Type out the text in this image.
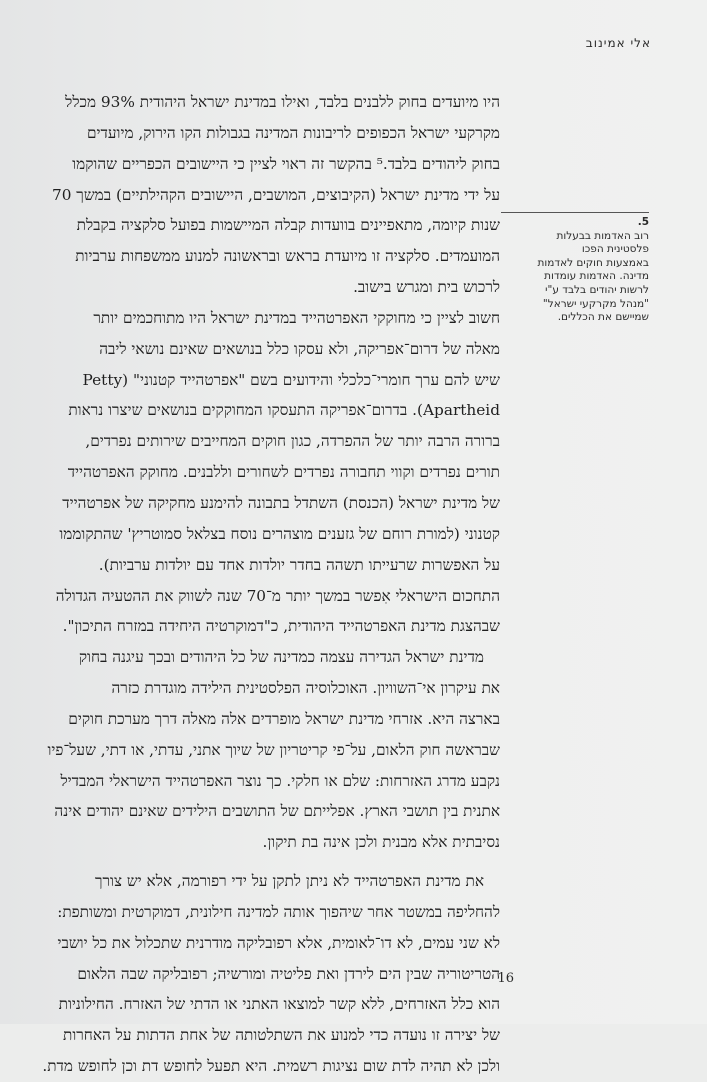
אלי אמינוב

היו מיועדים בחוק ללבנים בלבד, ואילו במדינת ישראל היהודית 93% מכלל
מקרקעי ישראל הכפופים לריבונות המדינה בגבולות הקו הירוק, מיועדים
בחוק ליהודים בלבד.⁵ בהקשר זה ראוי לציין כי היישובים הכפריים שהוקמו
על ידי מדינת ישראל (הקיבוצים, המושבים, היישובים הקהילתיים) במשך 70
שנות קיומה, מתאפיינים בוועדות קבלה המיישמות בפועל סלקציה בקבלת
המועמדים. סלקציה זו מיועדת בראש ובראשונה למנוע ממשפחות ערביות
לרכוש בית ומגרש בישוב.

חשוב לציין כי מחוקקי האפרטהייד במדינת ישראל היו מתוחכמים יותר
מאלה של דרום־אפריקה, ולא עסקו כלל בנושאים שאינם נושאי ליבה
שיש להם ערך חומרי־כלכלי והידועים בשם "אפרטהייד קטנוני" (Petty
Apartheid). בדרום־אפריקה התעסקו המחוקקים בנושאים שיצרו נראות
ברורה הרבה יותר של ההפרדה, כגון חוקים המחייבים שירותים נפרדים,
תורים נפרדים וקווי תחבורה נפרדים לשחורים וללבנים. מחוקק האפרטהייד
של מדינת ישראל (הכנסת) השתדל בתבונה להימנע מחקיקה של אפרטהייד
קטנוני (למורת רוחם של גזענים מוצהרים נוסח בצלאל סמוטריץ' שהתקוממו
על האפשרות שרעייתו תשהה בחדר יולדות אחד עם יולדות ערביות).
התחכום הישראלי אִפשר במשך יותר מ־70 שנה לשווק את ההטעיה הגדולה
שבהצגת מדינת האפרטהייד היהודית, כ"דמוקרטיה היחידה במזרח התיכון".

מדינת ישראל הגדירה עצמה כמדינה של כל היהודים ובכך עיגנה בחוק
את עיקרון אי־השוויון. האוכלוסיה הפלסטינית הילידה מוגדרת כזרה
בארצה היא. אזרחי מדינת ישראל מופרדים אלה מאלה דרך מערכת חוקים
שבראשה חוק הלאום, על־פי קריטריון של שיוך אתני, עדתי, או דתי, שעל־פיו
נקבע מדרג האזרחות: שלם או חלקי. כך נוצר האפרטהייד הישראלי המבדיל
אתנית בין תושבי הארץ. אפלייתם של התושבים הילידים שאינם יהודים אינה
נסיבתית אלא מבנית ולכן אינה בת תיקון.

את מדינת האפרטהייד לא ניתן לתקן על ידי רפורמה, אלא יש צורך
להחליפה במשטר אחר שיהפוך אותה למדינה חילונית, דמוקרטית ומשותפת:
לא שני עמים, לא דו־לאומית, אלא רפובליקה מודרנית שתכלול את כל יושבי
הטריטוריה שבין הים לירדן ואת פליטיה ומורשיה; רפובליקה שבה הלאום
הוא כלל האזרחים, ללא קשר למוצאו האתני או הדתי של האזרח. החילוניות
של יצירה זו נועדה כדי למנוע את השתלטותה של אחת הדתות על האחרות
ולכן לא תהיה לדת שום נציגות רשמית. היא תפעל לחופש דת וכן לחופש מדת.

5.
רוב האדמות בבעלות
פלסטינית הפכו
באמצעות חוקים לאדמות
מדינה. האדמות עומדות
לרשות יהודים בלבד ע"י
"מנהל מקרקעי ישראל"
שמיישם את הכללים.
16
